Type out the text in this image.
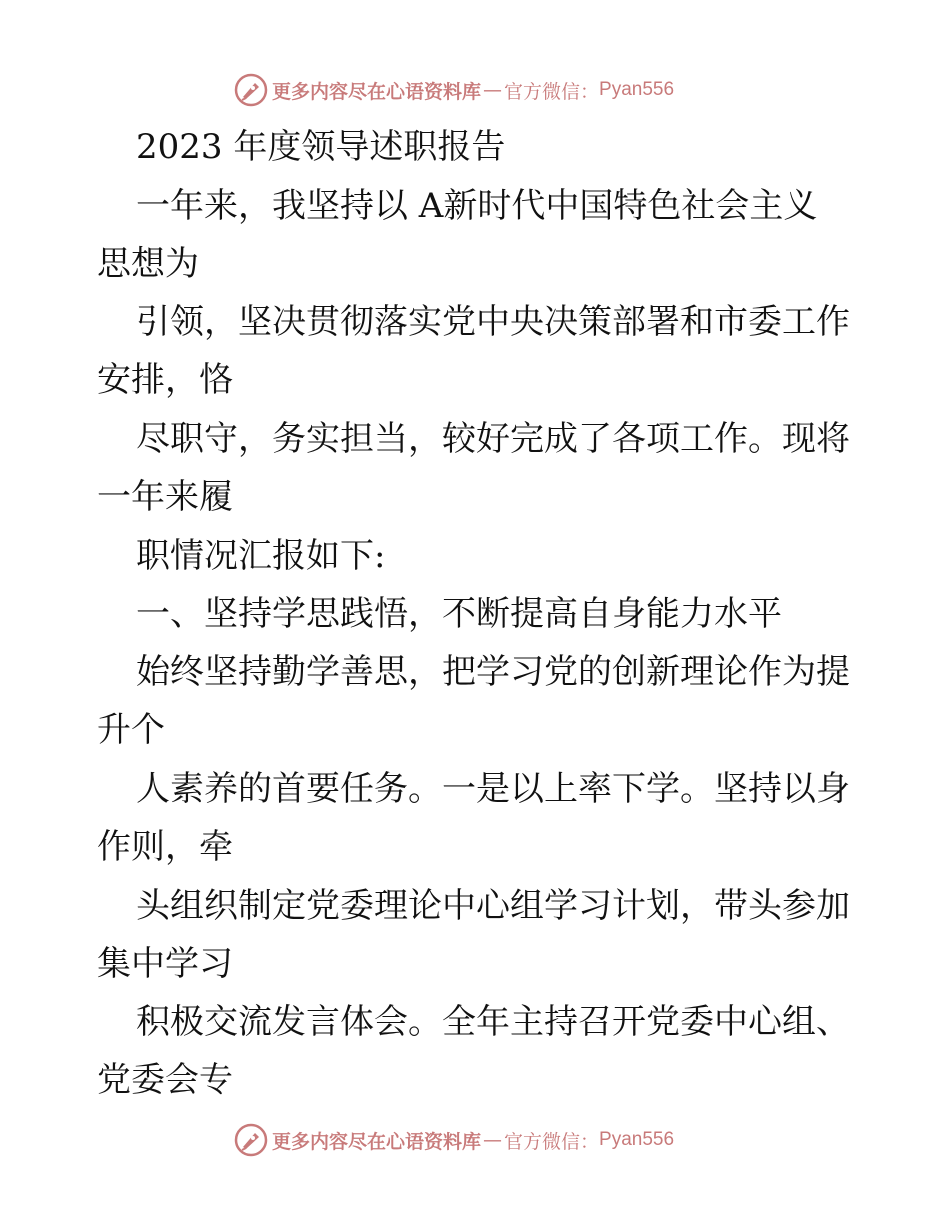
更多内容尽在心语资料库 — 官方微信： Pyan556
2023 年度领导述职报告
一年来，我坚持以 A新时代中国特色社会主义
思想为
引领，坚决贯彻落实党中央决策部署和市委工作
安排，恪
尽职守，务实担当，较好完成了各项工作。现将
一年来履
职情况汇报如下:
一、坚持学思践悟，不断提高自身能力水平
始终坚持勤学善思，把学习党的创新理论作为提
升个
人素养的首要任务。一是以上率下学。坚持以身
作则，牵
头组织制定党委理论中心组学习计划，带头参加
集中学习
积极交流发言体会。全年主持召开党委中心组、
党委会专
更多内容尽在心语资料库 — 官方微信： Pyan556
